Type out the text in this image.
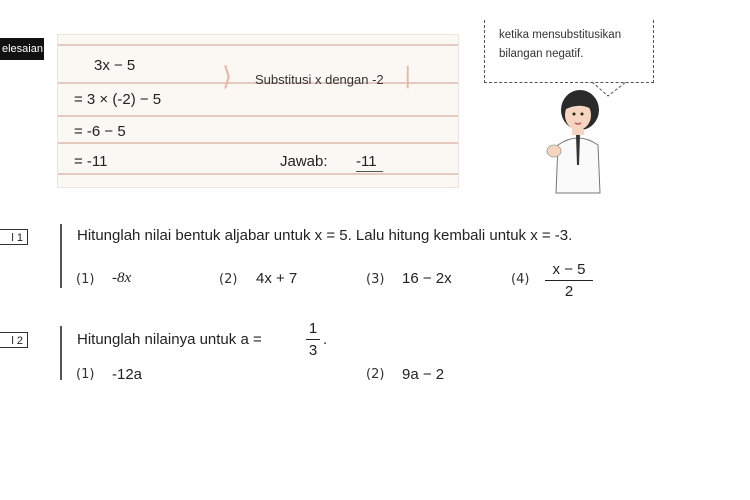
elesaian
3x − 5
= 3 × (-2) − 5
= -6 − 5
= -11	Jawab: -11
⟩ Substitusi x dengan -2 |
ketika mensubstitusikan
bilangan negatif.
l 1	Hitunglah nilai bentuk aljabar untuk x = 5. Lalu hitung kembali untuk x = -3.
(1) -8x	(2) 4x + 7	(3) 16 − 2x	(4)
x − 5
2
l 2	Hitunglah nilainya untuk a =
1
3
.
(1) -12a	(2) 9a − 2
